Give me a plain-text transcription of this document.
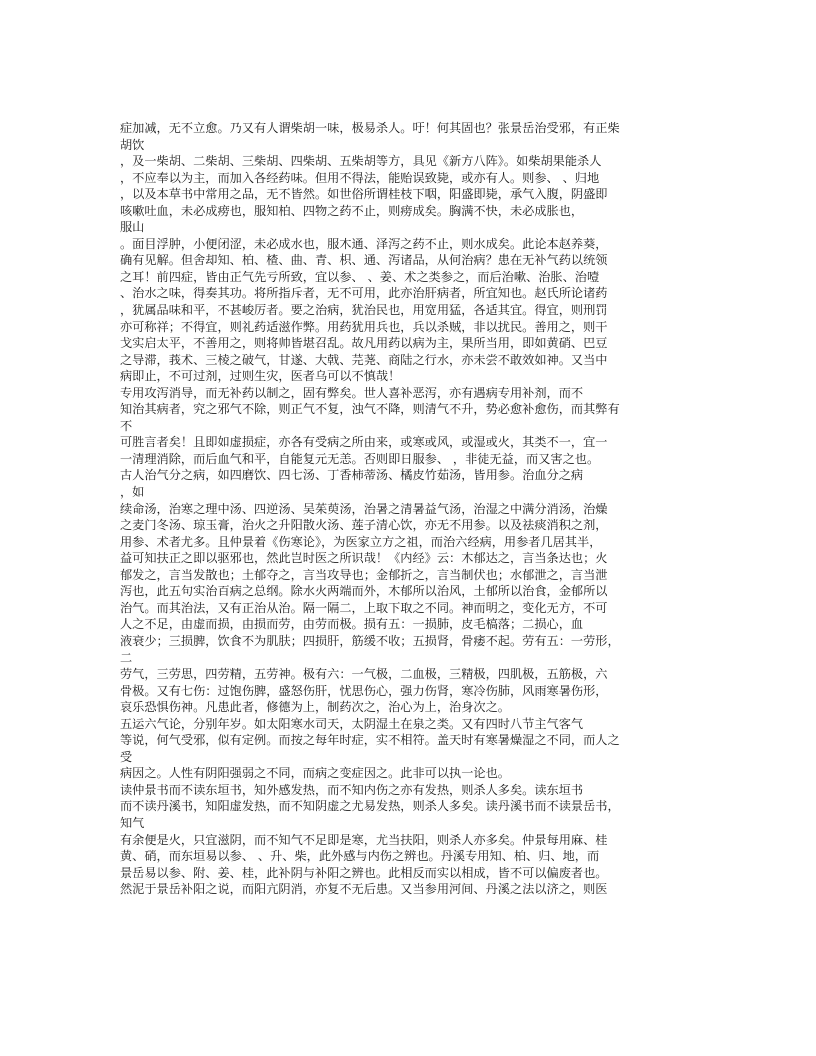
症加减，无不立愈。乃又有人谓柴胡一味，极易杀人。吁！何其固也？张景岳治受邪，有正柴
胡饮
，及一柴胡、二柴胡、三柴胡、四柴胡、五柴胡等方，具见《新方八阵》。如柴胡果能杀人
，不应奉以为主，而加入各经药味。但用不得法，能贻误致毙，或亦有人。则参、 、归地
，以及本草书中常用之品，无不皆然。如世俗所谓桂枝下咽，阳盛即毙，承气入腹，阴盛即
咳嗽吐血，未必成痨也，服知柏、四物之药不止，则痨成矣。胸满不快，未必成胀也，
服山
。面目浮肿，小便闭涩，未必成水也，服木通、泽泻之药不止，则水成矣。此论本赵养葵，
确有见解。但舍却知、柏、楂、曲、青、枳、通、泻诸品，从何治病？患在无补气药以统领
之耳！前四症，皆由正气先亏所致，宜以参、 、姜、术之类参之，而后治嗽、治胀、治噎
、治水之味，得奏其功。将所指斥者，无不可用，此亦治肝病者，所宜知也。赵氏所论诸药
，犹属品味和平，不甚峻厉者。要之治病，犹治民也，用宽用猛，各适其宜。得宜，则刑罚
亦可称祥；不得宜，则礼药适滋作弊。用药犹用兵也，兵以杀贼，非以扰民。善用之，则干
戈实启太平，不善用之，则将帅皆堪召乱。故凡用药以病为主，果所当用，即如黄硝、巴豆
之导滞，莪术、三棱之破气，甘遂、大戟、芫荛、商陆之行水，亦未尝不敢效如神。又当中
病即止，不可过剂，过则生灾，医者乌可以不慎哉！
专用攻泻消导，而无补药以制之，固有弊矣。世人喜补恶泻，亦有遇病专用补剂，而不
知治其病者，究之邪气不除，则正气不复，浊气不降，则清气不升，势必愈补愈伤，而其弊有
不
可胜言者矣！且即如虚损症，亦各有受病之所由来，或寒或风，或湿或火，其类不一，宜一
一清理消除，而后血气和平，自能复元无恙。否则即日服参、 ，非徒无益，而又害之也。
古人治气分之病，如四磨饮、四七汤、丁香柿蒂汤、橘皮竹茹汤，皆用参。治血分之病
，如
续命汤，治寒之理中汤、四逆汤、吴茱萸汤，治暑之清暑益气汤，治湿之中满分消汤，治燥
之麦门冬汤、琼玉膏，治火之升阳散火汤、莲子清心饮，亦无不用参。以及祛痰消积之剂，
用参、术者尤多。且仲景着《伤寒论》，为医家立方之祖，而治六经病，用参者几居其半，
益可知扶正之即以驱邪也，然此岂时医之所识哉！《内经》云：木郁达之，言当条达也；火
郁发之，言当发散也；土郁夺之，言当攻导也；金郁折之，言当制伏也；水郁泄之，言当泄
泻也，此五句实治百病之总纲。除水火两端而外，木郁所以治风，土郁所以治食，金郁所以
治气。而其治法，又有正治从治。隔一隔二，上取下取之不同。神而明之，变化无方，不可
人之不足，由虚而损，由损而劳，由劳而极。损有五：一损肺，皮毛槁落；二损心，血
液衰少；三损脾，饮食不为肌肤；四损肝，筋缓不收；五损肾，骨痿不起。劳有五：一劳形，
二
劳气，三劳思，四劳精，五劳神。极有六：一气极，二血极，三精极，四肌极，五筋极，六
骨极。又有七伤：过饱伤脾，盛怒伤肝，忧思伤心，强力伤肾，寒冷伤肺，风雨寒暑伤形，
哀乐恐惧伤神。凡患此者，修德为上，制药次之，治心为上，治身次之。
五运六气论，分别年岁。如太阳寒水司天，太阴湿土在泉之类。又有四时八节主气客气
等说，何气受邪，似有定例。而按之每年时症，实不相符。盖天时有寒暑燥湿之不同，而人之
受
病因之。人性有阴阳强弱之不同，而病之变症因之。此非可以执一论也。
读仲景书而不读东垣书，知外感发热，而不知内伤之亦有发热，则杀人多矣。读东垣书
而不读丹溪书，知阳虚发热，而不知阴虚之尤易发热，则杀人多矣。读丹溪书而不读景岳书，
知气
有余便是火，只宜滋阴，而不知气不足即是寒，尤当扶阳，则杀人亦多矣。仲景每用麻、桂
黄、硝，而东垣易以参、 、升、柴，此外感与内伤之辨也。丹溪专用知、柏、归、地，而
景岳易以参、附、姜、桂，此补阴与补阳之辨也。此相反而实以相成，皆不可以偏废者也。
然泥于景岳补阳之说，而阳亢阴消，亦复不无后患。又当参用河间、丹溪之法以济之，则医
